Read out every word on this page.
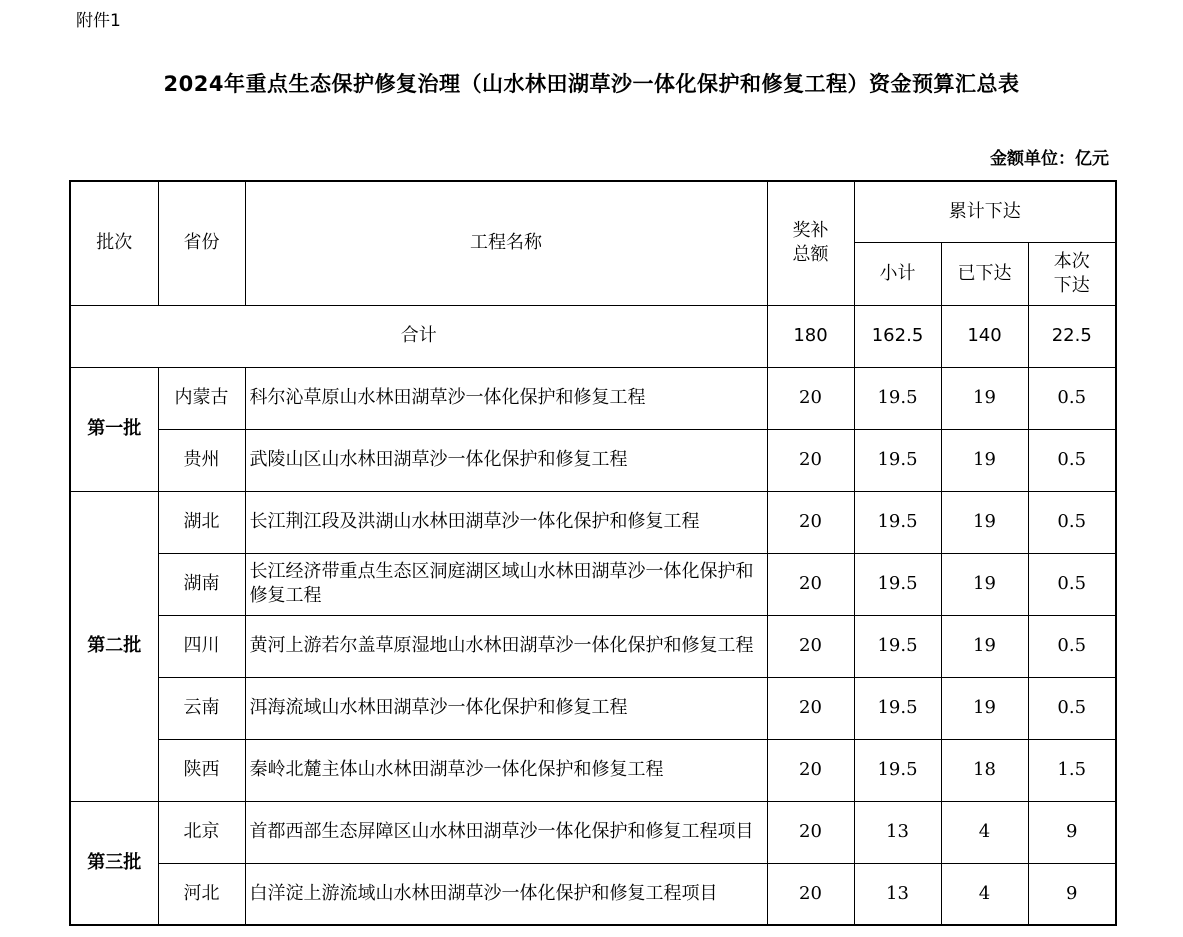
附件1
2024年重点生态保护修复治理（山水林田湖草沙一体化保护和修复工程）资金预算汇总表
金额单位：亿元
批次	省份	工程名称	奖补总额	累计下达		
				小计	已下达	本次下达
合计			180	162.5	140	22.5
第一批	内蒙古	科尔沁草原山水林田湖草沙一体化保护和修复工程	20	19.5	19	0.5
	贵州	武陵山区山水林田湖草沙一体化保护和修复工程	20	19.5	19	0.5
第二批	湖北	长江荆江段及洪湖山水林田湖草沙一体化保护和修复工程	20	19.5	19	0.5
	湖南	长江经济带重点生态区洞庭湖区域山水林田湖草沙一体化保护和修复工程	20	19.5	19	0.5
	四川	黄河上游若尔盖草原湿地山水林田湖草沙一体化保护和修复工程	20	19.5	19	0.5
	云南	洱海流域山水林田湖草沙一体化保护和修复工程	20	19.5	19	0.5
	陕西	秦岭北麓主体山水林田湖草沙一体化保护和修复工程	20	19.5	18	1.5
第三批	北京	首都西部生态屏障区山水林田湖草沙一体化保护和修复工程项目	20	13	4	9
	河北	白洋淀上游流域山水林田湖草沙一体化保护和修复工程项目	20	13	4	9
